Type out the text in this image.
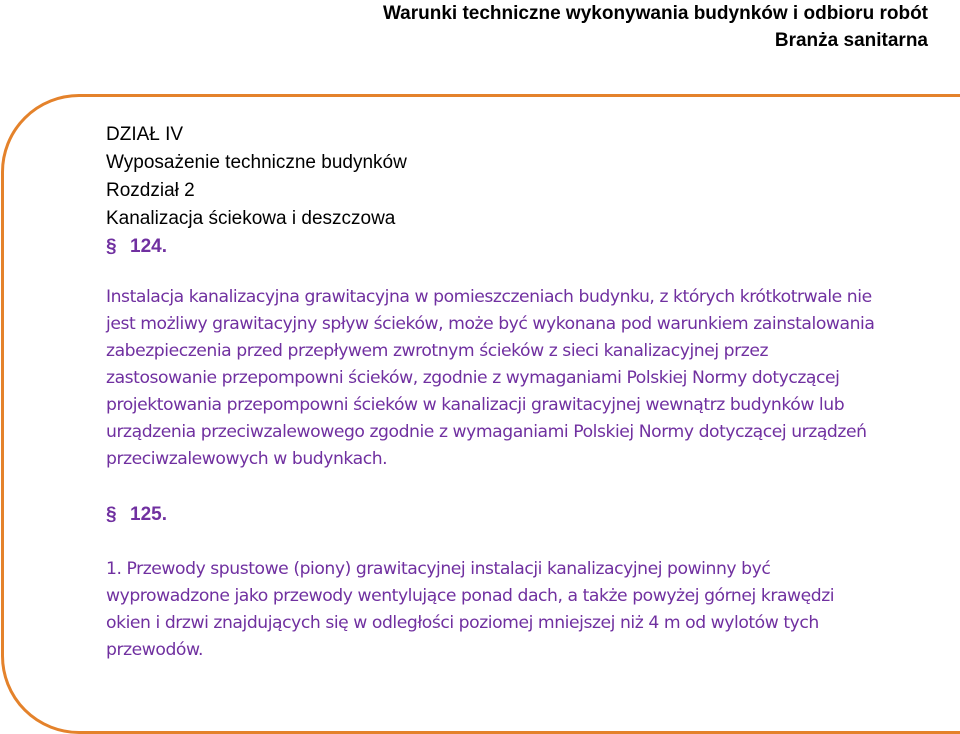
Warunki techniczne wykonywania budynków i odbioru robót
Branża sanitarna
DZIAŁ IV
Wyposażenie techniczne budynków
Rozdział 2
Kanalizacja ściekowa i deszczowa
§ 124.
Instalacja kanalizacyjna grawitacyjna w pomieszczeniach budynku, z których krótkotrwale nie
jest możliwy grawitacyjny spływ ścieków, może być wykonana pod warunkiem zainstalowania
zabezpieczenia przed przepływem zwrotnym ścieków z sieci kanalizacyjnej przez
zastosowanie przepompowni ścieków, zgodnie z wymaganiami Polskiej Normy dotyczącej
projektowania przepompowni ścieków w kanalizacji grawitacyjnej wewnątrz budynków lub
urządzenia przeciwzalewowego zgodnie z wymaganiami Polskiej Normy dotyczącej urządzeń
przeciwzalewowych w budynkach.
§ 125.
1. Przewody spustowe (piony) grawitacyjnej instalacji kanalizacyjnej powinny być
wyprowadzone jako przewody wentylujące ponad dach, a także powyżej górnej krawędzi
okien i drzwi znajdujących się w odległości poziomej mniejszej niż 4 m od wylotów tych
przewodów.
